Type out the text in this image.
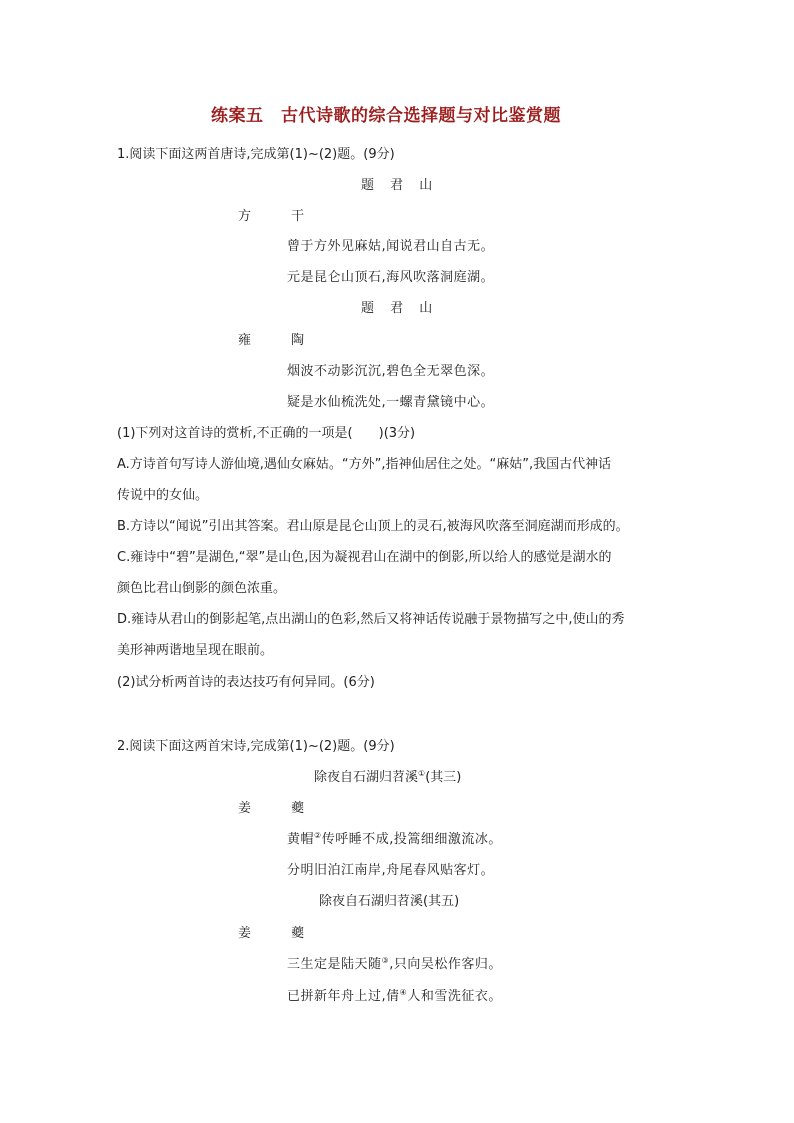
练案五　古代诗歌的综合选择题与对比鉴赏题
1.阅读下面这两首唐诗,完成第(1)~(2)题。(9分)
题 君 山
方 干
曾于方外见麻姑,闻说君山自古无。
元是昆仑山顶石,海风吹落洞庭湖。
题 君 山
雍 陶
烟波不动影沉沉,碧色全无翠色深。
疑是水仙梳洗处,一螺青黛镜中心。
(1)下列对这首诗的赏析,不正确的一项是(　　)(3分)
A.方诗首句写诗人游仙境,遇仙女麻姑。“方外”,指神仙居住之处。“麻姑”,我国古代神话
传说中的女仙。
B.方诗以“闻说”引出其答案。君山原是昆仑山顶上的灵石,被海风吹落至洞庭湖而形成的。
C.雍诗中“碧”是湖色,“翠”是山色,因为凝视君山在湖中的倒影,所以给人的感觉是湖水的
颜色比君山倒影的颜色浓重。
D.雍诗从君山的倒影起笔,点出湖山的色彩,然后又将神话传说融于景物描写之中,使山的秀
美形神两谐地呈现在眼前。
(2)试分析两首诗的表达技巧有何异同。(6分)
2.阅读下面这两首宋诗,完成第(1)~(2)题。(9分)
除夜自石湖归苕溪①(其三)
姜 夔
黄帽②传呼睡不成,投篙细细激流冰。
分明旧泊江南岸,舟尾春风贴客灯。
除夜自石湖归苕溪(其五)
姜 夔
三生定是陆天随③,只向吴松作客归。
已拼新年舟上过,倩④人和雪洗征衣。
